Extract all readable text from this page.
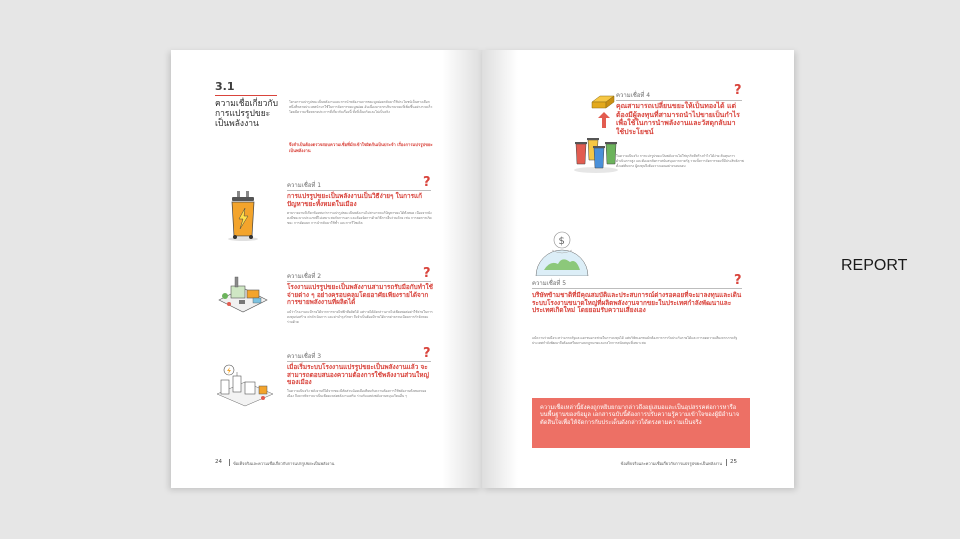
3.1
ความเชื่อเกี่ยวกับ
การแปรรูปขยะ
เป็นพลังงาน
โครงการแปรรูปขยะเป็นพลังงานและการนำพลังงานจากขยะมูลฝอยกลับมาใช้ประโยชน์เป็นทางเลือกหนึ่งที่หลายประเทศนำมาใช้ในการจัดการขยะมูลฝอย อันเนื่องมาจากปริมาณขยะที่เพิ่มขึ้นอย่างรวดเร็ว โดยมีความเชื่อหลายประการที่เกี่ยวกับเรื่องนี้ ทั้งที่เป็นจริงและไม่เป็นจริง
จึงจำเป็นต้องตรวจสอบความเชื่อที่มักเข้าใจผิดกันเป็นประจำ เรื่องการแปรรูปขยะเป็นพลังงาน
ความเชื่อที่ 1	?
การแปรรูปขยะเป็นพลังงานเป็นวิธีง่ายๆ ในการแก้ปัญหาขยะทั้งหมดในเมือง
ตามรายงานที่เกี่ยวข้องพบว่าการแปรรูปขยะเป็นพลังงานไม่สามารถแก้ปัญหาขยะได้ทั้งหมด เนื่องจากยังคงมีขยะบางประเภทที่ไม่เหมาะสมกับการเผา และต้องจัดการด้วยวิธีการอื่นร่วมด้วย เช่น การลดการเกิดขยะ การคัดแยก การนำกลับมาใช้ซ้ำ และการรีไซเคิล
ความเชื่อที่ 2	?
โรงงานแปรรูปขยะเป็นพลังงานสามารถรับมือกับทำใช้จ่ายต่าง ๆ อย่างครอบคลุมโดยอาศัยเพียงรายได้จากการขายพลังงานที่ผลิตได้
แม้ว่าโรงงานจะมีรายได้จากการขายไฟฟ้าที่ผลิตได้ แต่รายได้ดังกล่าวอาจไม่เพียงพอต่อค่าใช้จ่ายในการลงทุนก่อสร้าง ค่าดำเนินการ และค่าบำรุงรักษา จึงจำเป็นต้องมีรายได้จากค่าธรรมเนียมการกำจัดขยะร่วมด้วย
ความเชื่อที่ 3	?
เมื่อเริ่มระบบโรงงานแปรรูปขยะเป็นพลังงานแล้ว จะสามารถตอบสนองความต้องการใช้พลังงานส่วนใหญ่ของเมือง
ในความเป็นจริง พลังงานที่ได้จากขยะมีสัดส่วนน้อยเมื่อเทียบกับความต้องการใช้พลังงานทั้งหมดของเมือง จึงควรพิจารณาเป็นเพียงแหล่งพลังงานเสริม ร่วมกับแหล่งพลังงานหมุนเวียนอื่น ๆ
24	ข้อเท็จจริงและความเชื่อเกี่ยวกับการแปรรูปขยะเป็นพลังงาน
ความเชื่อที่ 4	?
คุณสามารถเปลี่ยนขยะให้เป็นทองได้ แต่ต้องมีผู้ลงทุนที่สามารถนำไปขายเป็นกำไรเพื่อใช้ในการนำพลังงานและวัสดุกลับมาใช้ประโยชน์
ในความเป็นจริง การแปรรูปขยะเป็นพลังงานไม่ใช่ธุรกิจที่สร้างกำไรได้ง่าย ต้นทุนการดำเนินการสูง และต้องอาศัยการสนับสนุนจากภาครัฐ รวมทั้งการจัดการขยะที่มีประสิทธิภาพตั้งแต่ต้นทาง ผู้ลงทุนจึงต้องวางแผนอย่างรอบคอบ
ความเชื่อที่ 5	?
บริษัทข้ามชาติที่มีคุณสมบัติและประสบการณ์ต่างรอคอยที่จะมาลงทุนและเดินระบบโรงงานขนาดใหญ่ที่ผลิตพลังงานจากขยะในประเทศกำลังพัฒนาและประเทศเกิดใหม่ โดยยอมรับความเสี่ยงเอง
แม้ความร่วมมือระหว่างภาครัฐและเอกชนอาจช่วยในการลงทุนได้ แต่บริษัทเอกชนมักต้องการการรับประกันรายได้และการลดความเสี่ยงจากภาครัฐ ประเทศกำลังพัฒนาจึงต้องเตรียมกรอบกฎหมายและกลไกการสนับสนุนที่เหมาะสม
$
ความเชื่อเหล่านี้ยังคงถูกหยิบยกมากล่าวถึงอยู่เสมอและเป็นอุปสรรคต่อการหารือบนพื้นฐานของข้อมูล เอกสารฉบับนี้ต้องการปรับความรู้ความเข้าใจของผู้มีอำนาจตัดสินใจเพื่อให้จัดการกับประเด็นดังกล่าวได้ตรงตามความเป็นจริง
ข้อเท็จจริงและความเชื่อเกี่ยวกับการแปรรูปขยะเป็นพลังงาน 25
REPORT
